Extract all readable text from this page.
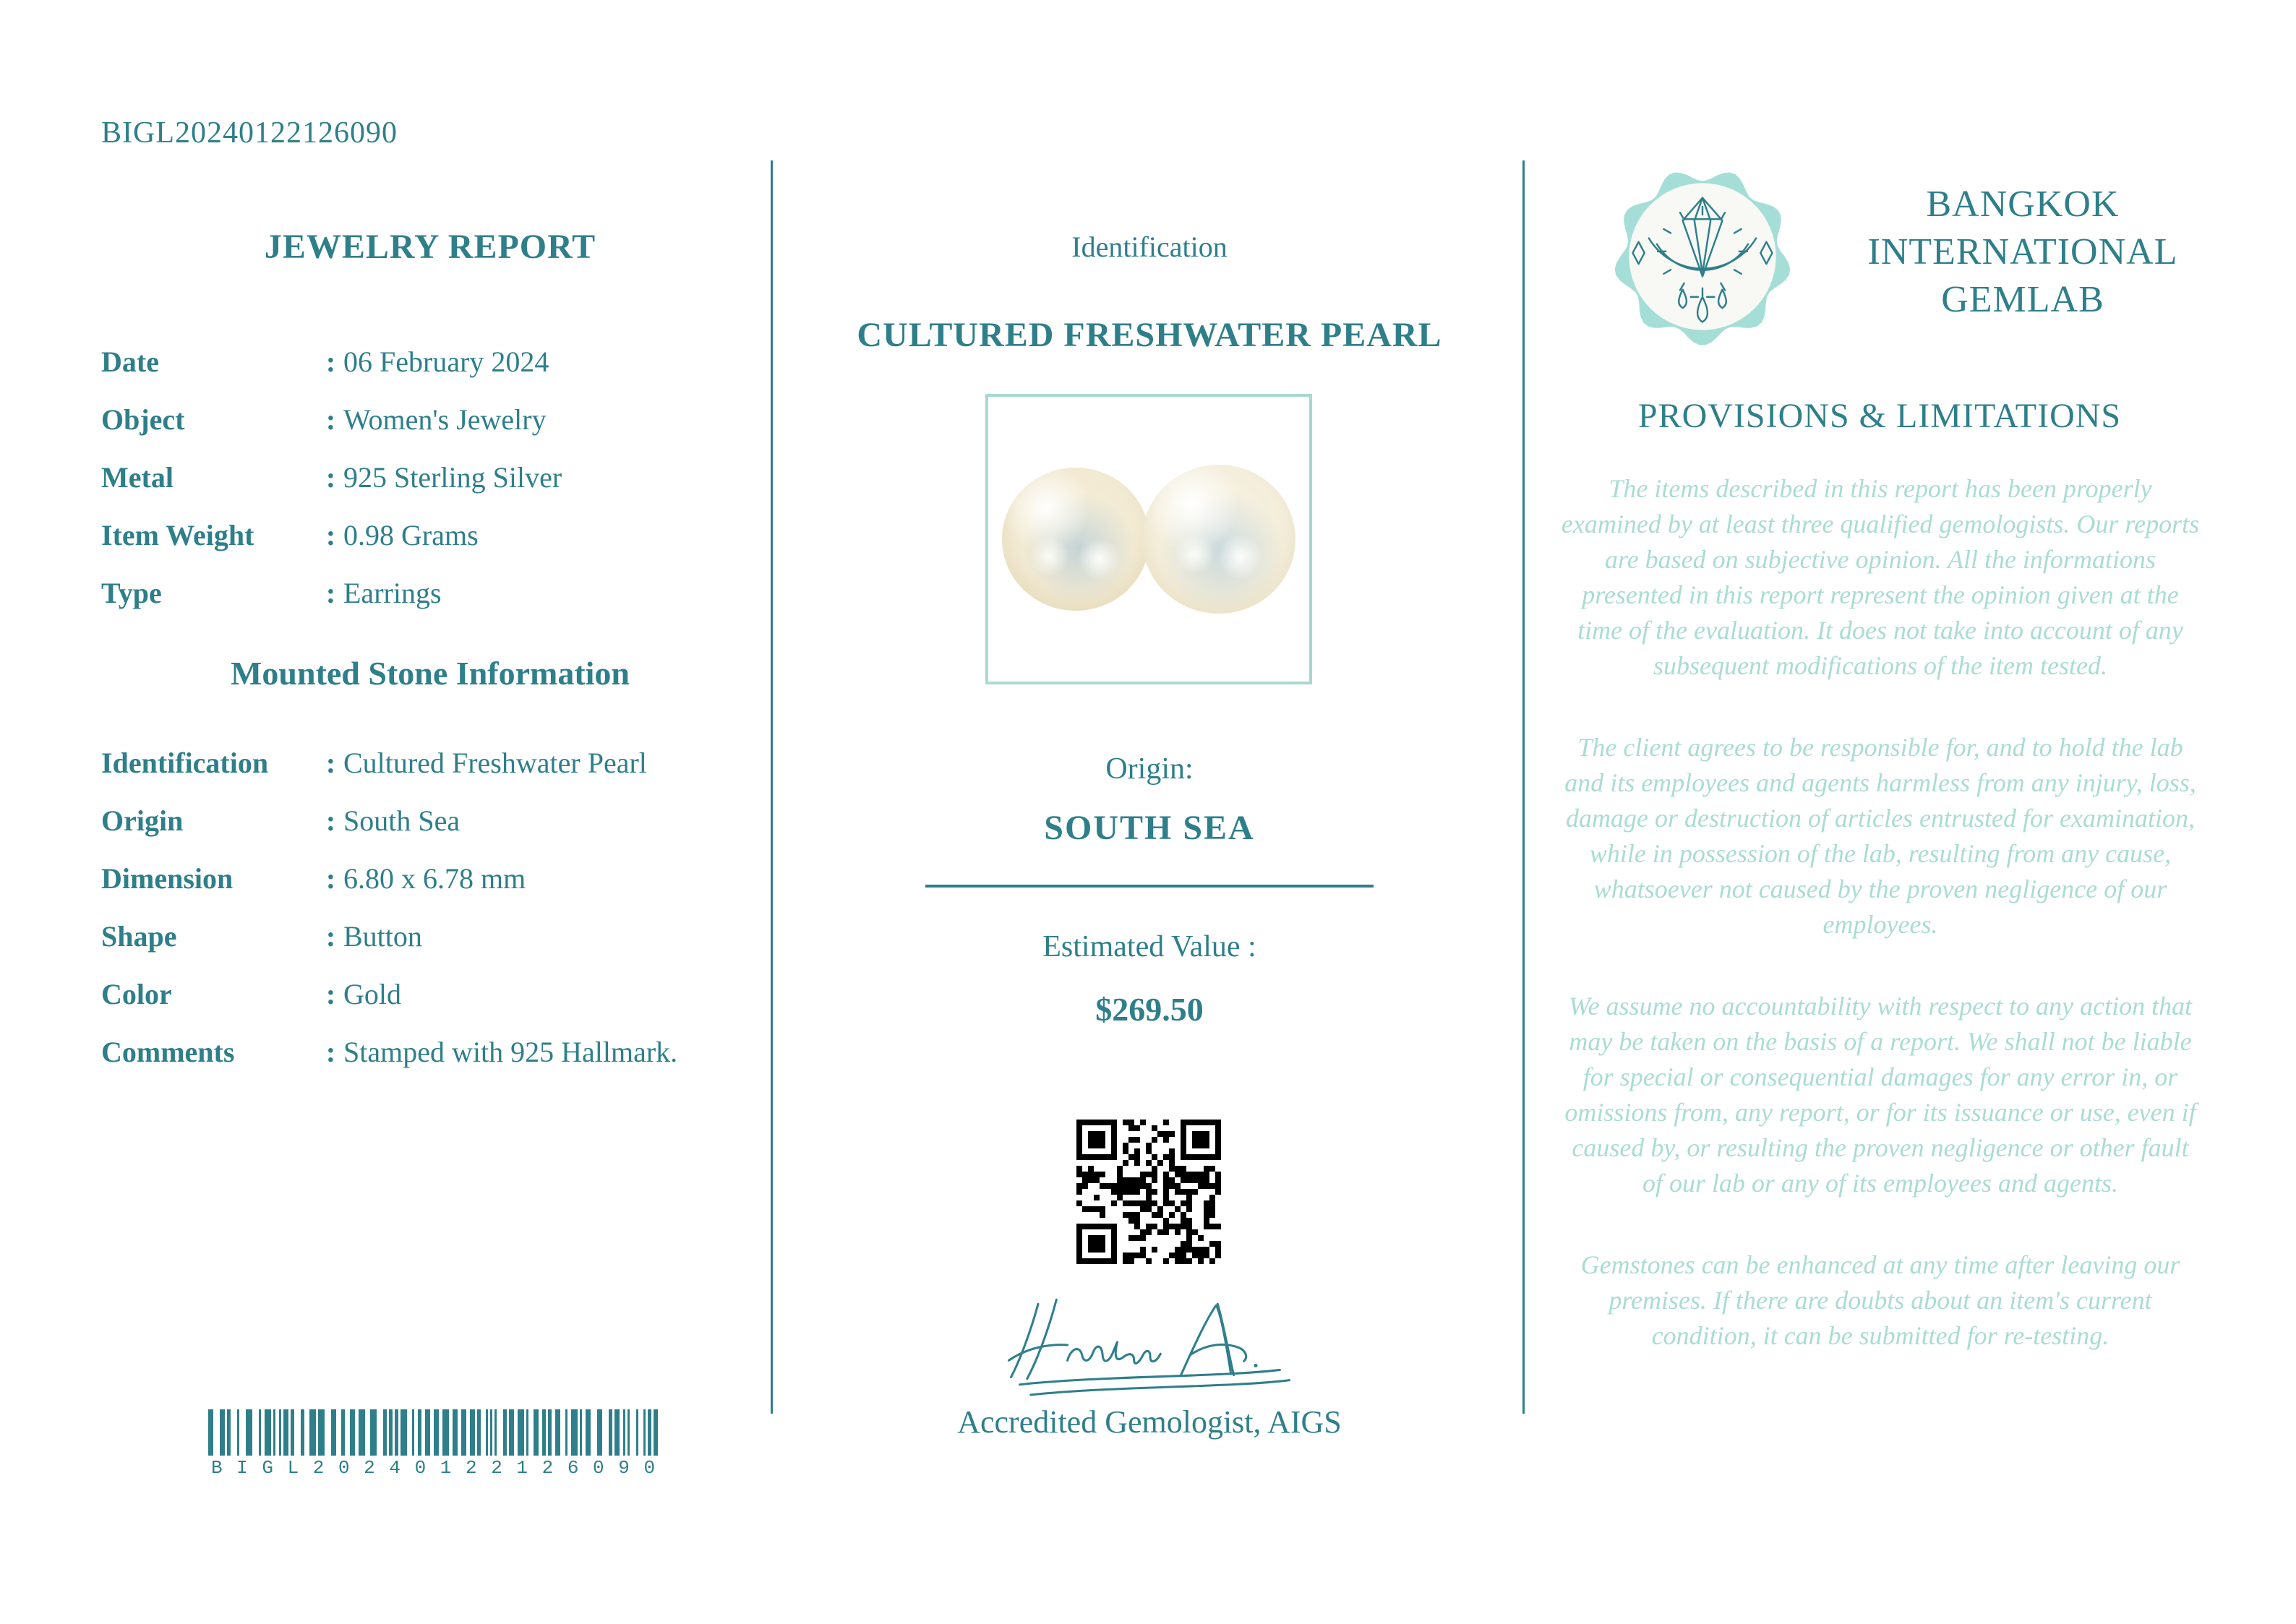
BIGL20240122126090
JEWELRY REPORT
Date	: 06 February 2024
Object	: Women's Jewelry
Metal	: 925 Sterling Silver
Item Weight	: 0.98 Grams
Type	: Earrings
Mounted Stone Information
Identification	: Cultured Freshwater Pearl
Origin	: South Sea
Dimension	: 6.80 x 6.78 mm
Shape	: Button
Color	: Gold
Comments	: Stamped with 925 Hallmark.
B I G L 2 0 2 4 0 1 2 2 1 2 6 0 9 0
Identification
CULTURED FRESHWATER PEARL
Origin:
SOUTH SEA
Estimated Value :
$269.50
Accredited Gemologist, AIGS
BANGKOK INTERNATIONAL GEMLAB
PROVISIONS & LIMITATIONS

The items described in this report has been properly examined by at least three qualified gemologists. Our reports are based on subjective opinion. All the informations presented in this report represent the opinion given at the time of the evaluation. It does not take into account of any subsequent modifications of the item tested.

The client agrees to be responsible for, and to hold the lab and its employees and agents harmless from any injury, loss, damage or destruction of articles entrusted for examination, while in possession of the lab, resulting from any cause, whatsoever not caused by the proven negligence of our employees.

We assume no accountability with respect to any action that may be taken on the basis of a report. We shall not be liable for special or consequential damages for any error in, or omissions from, any report, or for its issuance or use, even if caused by, or resulting the proven negligence or other fault of our lab or any of its employees and agents.

Gemstones can be enhanced at any time after leaving our premises. If there are doubts about an item's current condition, it can be submitted for re-testing.
